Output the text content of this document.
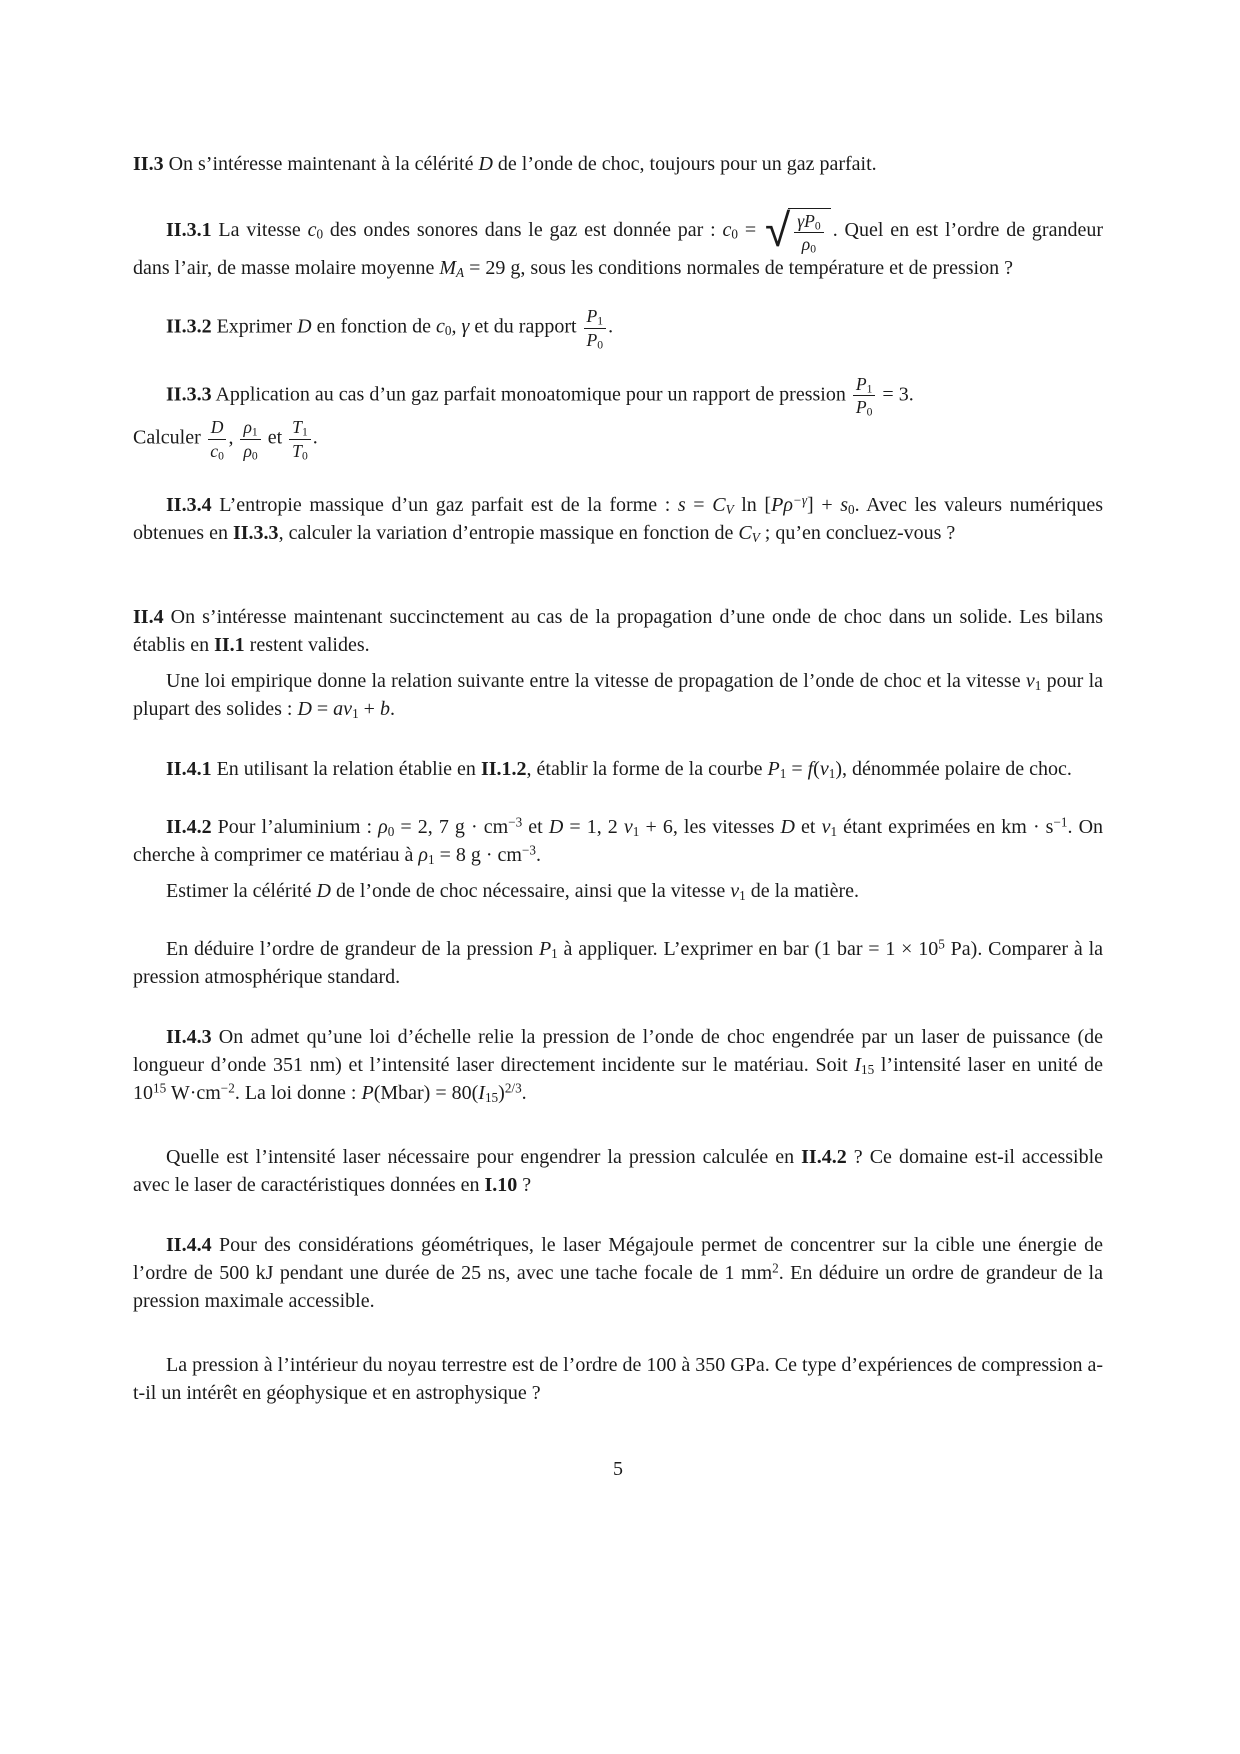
II.3 On s’intéresse maintenant à la célérité D de l’onde de choc, toujours pour un gaz parfait.

II.3.1 La vitesse $c_0$ des ondes sonores dans le gaz est donnée par : $c_0$ = √ $\frac{\gamma P_0}{\rho_0}$ . Quel en est l’ordre de grandeur dans l’air, de masse molaire moyenne $M_A = 29$ g, sous les conditions normales de température et de pression ?

II.3.2 Exprimer D en fonction de $c_0$, γ et du rapport $\frac{P_1}{P_0}$ .

II.3.3 Application au cas d’un gaz parfait monoatomique pour un rapport de pression $\frac{P_1}{P_0} = 3$.
Calculer $\frac{D}{c_0}$ , $\frac{\rho_1}{\rho_0}$ et $\frac{T_1}{T_0}$ .

II.3.4 L’entropie massique d’un gaz parfait est de la forme : $s = C_V$ $\ln [P\rho^{-\gamma}] + s_0$. Avec les valeurs numériques obtenues en II.3.3, calculer la variation d’entropie massique en fonction de $C_V$ ; qu’en concluez-vous ?

II.4 On s’intéresse maintenant succinctement au cas de la propagation d’une onde de choc dans un solide. Les bilans établis en II.1 restent valides.

Une loi empirique donne la relation suivante entre la vitesse de propagation de l’onde de choc et la vitesse $v_1$ pour la plupart des solides : $D = av_1 + b$.

II.4.1 En utilisant la relation établie en II.1.2, établir la forme de la courbe $P_1 = f(v_1)$, dénommée polaire de choc.

II.4.2 Pour l’aluminium : $\rho_0 = 2$, 7 $g \cdot cm^{-3}$ et D = 1, 2 $v_1 + 6$, les vitesses D et $v_1$ étant exprimées en km · $s^{-1}$. On cherche à comprimer ce matériau à $\rho_1 = 8$ $g \cdot cm^{-3}$.

Estimer la célérité D de l’onde de choc nécessaire, ainsi que la vitesse $v_1$ de la matière.

En déduire l’ordre de grandeur de la pression $P_1$ à appliquer. L’exprimer en bar (1 bar = $1 \times 10^5$ Pa). Comparer à la pression atmosphérique standard.

II.4.3 On admet qu’une loi d’échelle relie la pression de l’onde de choc engendrée par un laser de puissance (de longueur d’onde 351 nm) et l’intensité laser directement incidente sur le matériau. Soit $I_{15}$ l’intensité laser en unité de $10^{15}$ $W\cdot cm^{-2}$. La loi donne : P(Mbar) = $80(I_{15})^{2/3}$.

Quelle est l’intensité laser nécessaire pour engendrer la pression calculée en II.4.2 ? Ce domaine est-il accessible avec le laser de caractéristiques données en I.10 ?

II.4.4 Pour des considérations géométriques, le laser Mégajoule permet de concentrer sur la cible une énergie de l’ordre de 500 kJ pendant une durée de 25 ns, avec une tache focale de 1 $mm^2$. En déduire un ordre de grandeur de la pression maximale accessible.

La pression à l’intérieur du noyau terrestre est de l’ordre de 100 à 350 GPa. Ce type d’expériences de compression a-t-il un intérêt en géophysique et en astrophysique ?

5
